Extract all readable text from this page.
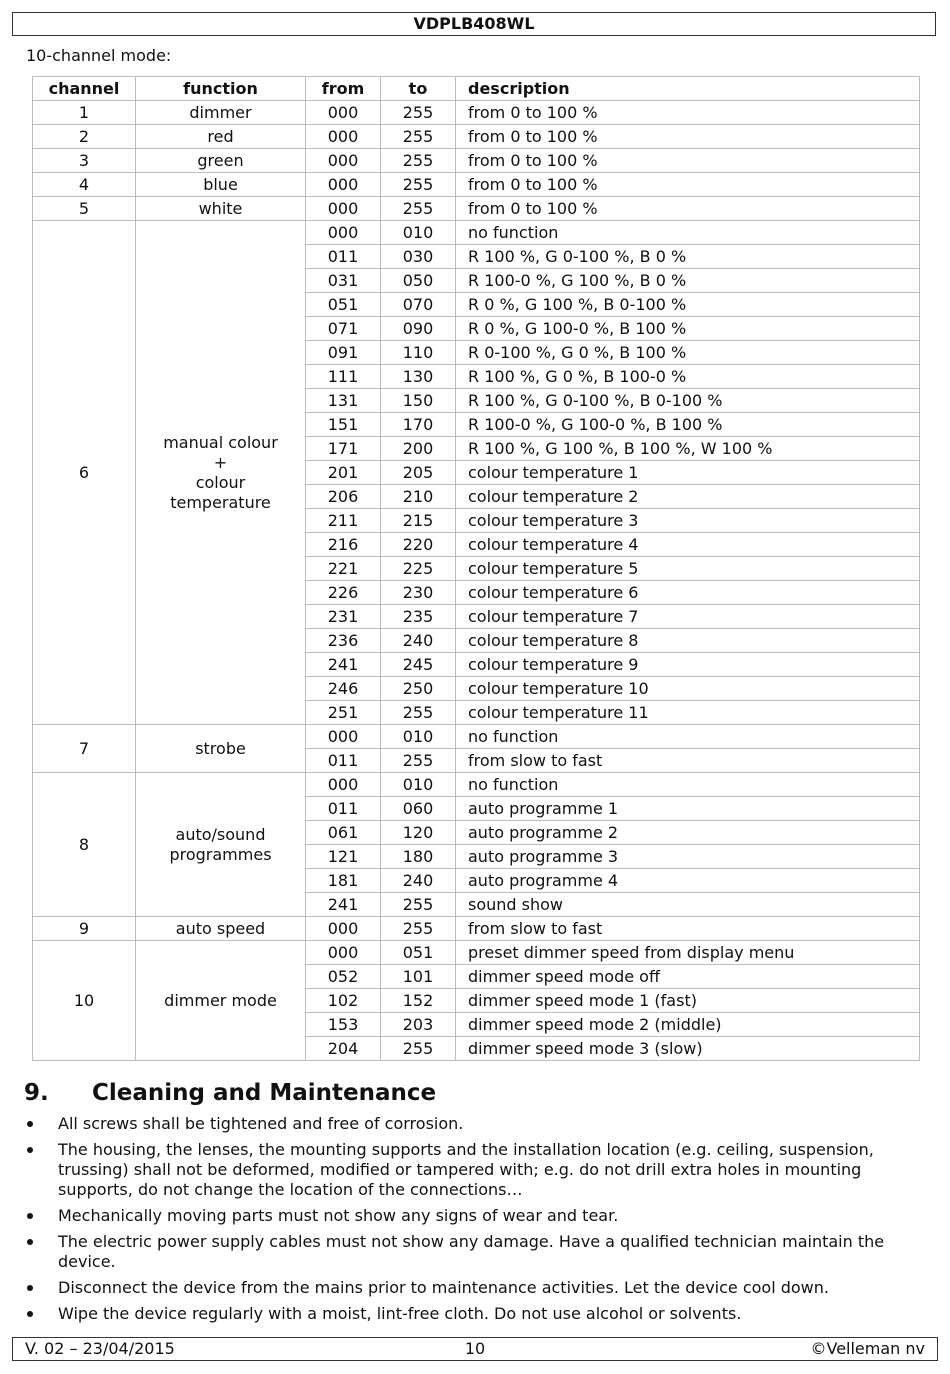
VDPLB408WL
10-channel mode:
channel	function	from	to	description
1	dimmer	000	255	from 0 to 100 %
2	red	000	255	from 0 to 100 %
3	green	000	255	from 0 to 100 %
4	blue	000	255	from 0 to 100 %
5	white	000	255	from 0 to 100 %
6	manual colour
+
colour
temperature	000	010	no function
		011	030	R 100 %, G 0-100 %, B 0 %
		031	050	R 100-0 %, G 100 %, B 0 %
		051	070	R 0 %, G 100 %, B 0-100 %
		071	090	R 0 %, G 100-0 %, B 100 %
		091	110	R 0-100 %, G 0 %, B 100 %
		111	130	R 100 %, G 0 %, B 100-0 %
		131	150	R 100 %, G 0-100 %, B 0-100 %
		151	170	R 100-0 %, G 100-0 %, B 100 %
		171	200	R 100 %, G 100 %, B 100 %, W 100 %
		201	205	colour temperature 1
		206	210	colour temperature 2
		211	215	colour temperature 3
		216	220	colour temperature 4
		221	225	colour temperature 5
		226	230	colour temperature 6
		231	235	colour temperature 7
		236	240	colour temperature 8
		241	245	colour temperature 9
		246	250	colour temperature 10
		251	255	colour temperature 11
7	strobe	000	010	no function
		011	255	from slow to fast
8	auto/sound
programmes	000	010	no function
		011	060	auto programme 1
		061	120	auto programme 2
		121	180	auto programme 3
		181	240	auto programme 4
		241	255	sound show
9	auto speed	000	255	from slow to fast
10	dimmer mode	000	051	preset dimmer speed from display menu
		052	101	dimmer speed mode off
		102	152	dimmer speed mode 1 (fast)
		153	203	dimmer speed mode 2 (middle)
		204	255	dimmer speed mode 3 (slow)
9. Cleaning and Maintenance
All screws shall be tightened and free of corrosion.
The housing, the lenses, the mounting supports and the installation location (e.g. ceiling, suspension, trussing) shall not be deformed, modified or tampered with; e.g. do not drill extra holes in mounting supports, do not change the location of the connections…
Mechanically moving parts must not show any signs of wear and tear.
The electric power supply cables must not show any damage. Have a qualified technician maintain the device.
Disconnect the device from the mains prior to maintenance activities. Let the device cool down.
Wipe the device regularly with a moist, lint-free cloth. Do not use alcohol or solvents.
V. 02 – 23/04/2015	10	©Velleman nv
